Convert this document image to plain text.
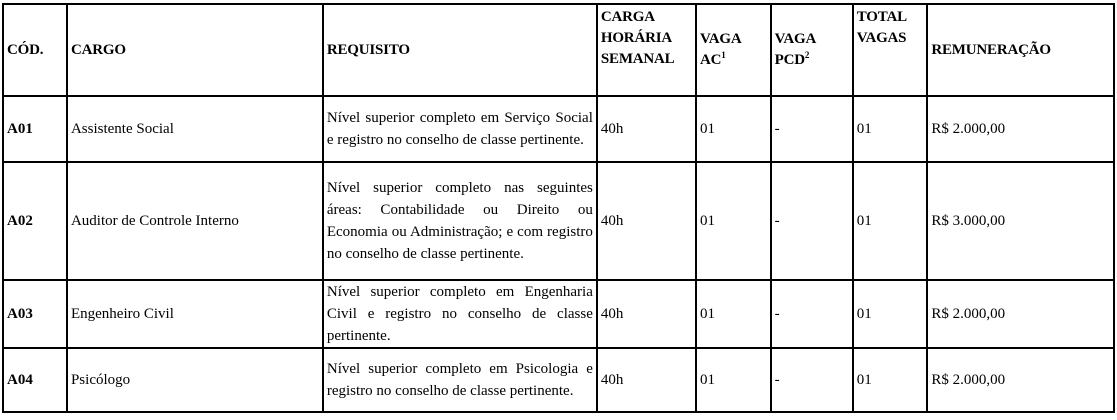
CÓD.	CARGO	REQUISITO	CARGA HORÁRIA SEMANAL	VAGA $AC^1$	VAGA PCD$^2$	TOTAL VAGAS	REMUNERAÇÃO
A01	Assistente Social	Nível superior completo em Serviço Social e registro no conselho de classe pertinente.	40h	01	-	01	R$ 2.000,00
A02	Auditor de Controle Interno	Nível superior completo nas seguintes áreas: Contabilidade ou Direito ou Economia ou Administração; e com registro no conselho de classe pertinente.	40h	01	-	01	R$ 3.000,00
A03	Engenheiro Civil	Nível superior completo em Engenharia Civil e registro no conselho de classe pertinente.	40h	01	-	01	R$ 2.000,00
A04	Psicólogo	Nível superior completo em Psicologia e registro no conselho de classe pertinente.	40h	01	-	01	R$ 2.000,00
